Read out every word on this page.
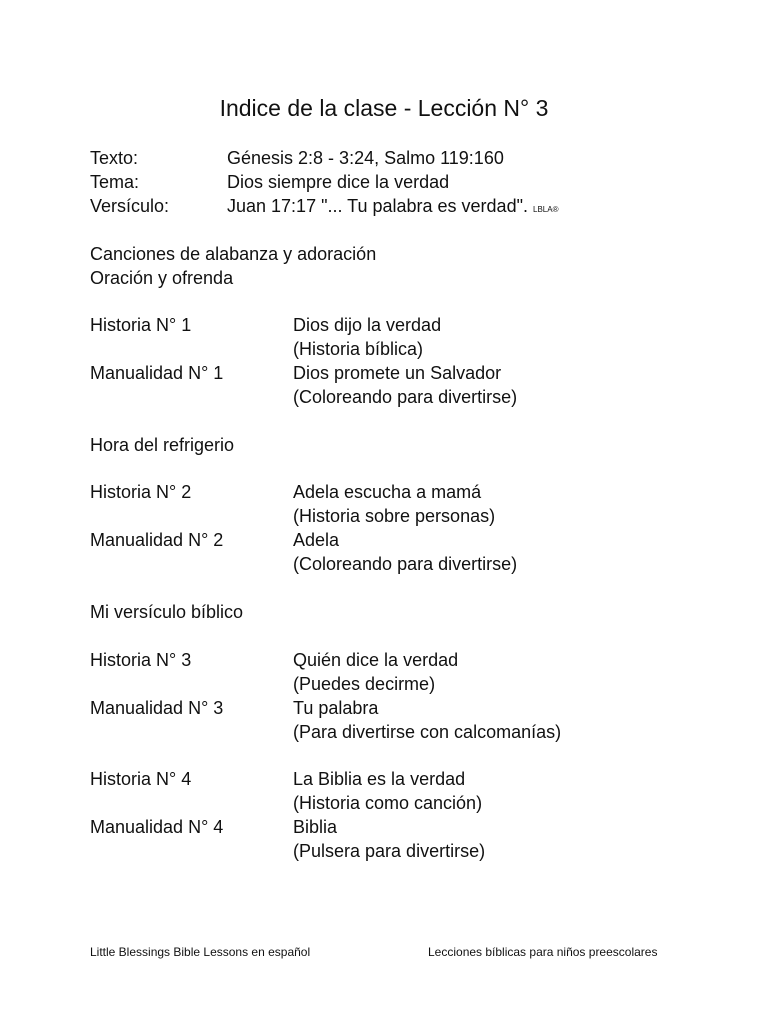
Indice de la clase - Lección N° 3
Texto:	Génesis 2:8 - 3:24, Salmo 119:160
Tema:	Dios siempre dice la verdad
Versículo:	Juan 17:17 "... Tu palabra es verdad". LBLA®
Canciones de alabanza y adoración
Oración y ofrenda
Historia N° 1	Dios dijo la verdad
(Historia bíblica)
Manualidad N° 1	Dios promete un Salvador
(Coloreando para divertirse)
Hora del refrigerio
Historia N° 2	Adela escucha a mamá
(Historia sobre personas)
Manualidad N° 2	Adela
(Coloreando para divertirse)
Mi versículo bíblico
Historia N° 3	Quién dice la verdad
(Puedes decirme)
Manualidad N° 3	Tu palabra
(Para divertirse con calcomanías)
Historia N° 4	La Biblia es la verdad
(Historia como canción)
Manualidad N° 4	Biblia
(Pulsera para divertirse)
Little Blessings Bible Lessons en español	Lecciones bíblicas para niños preescolares
